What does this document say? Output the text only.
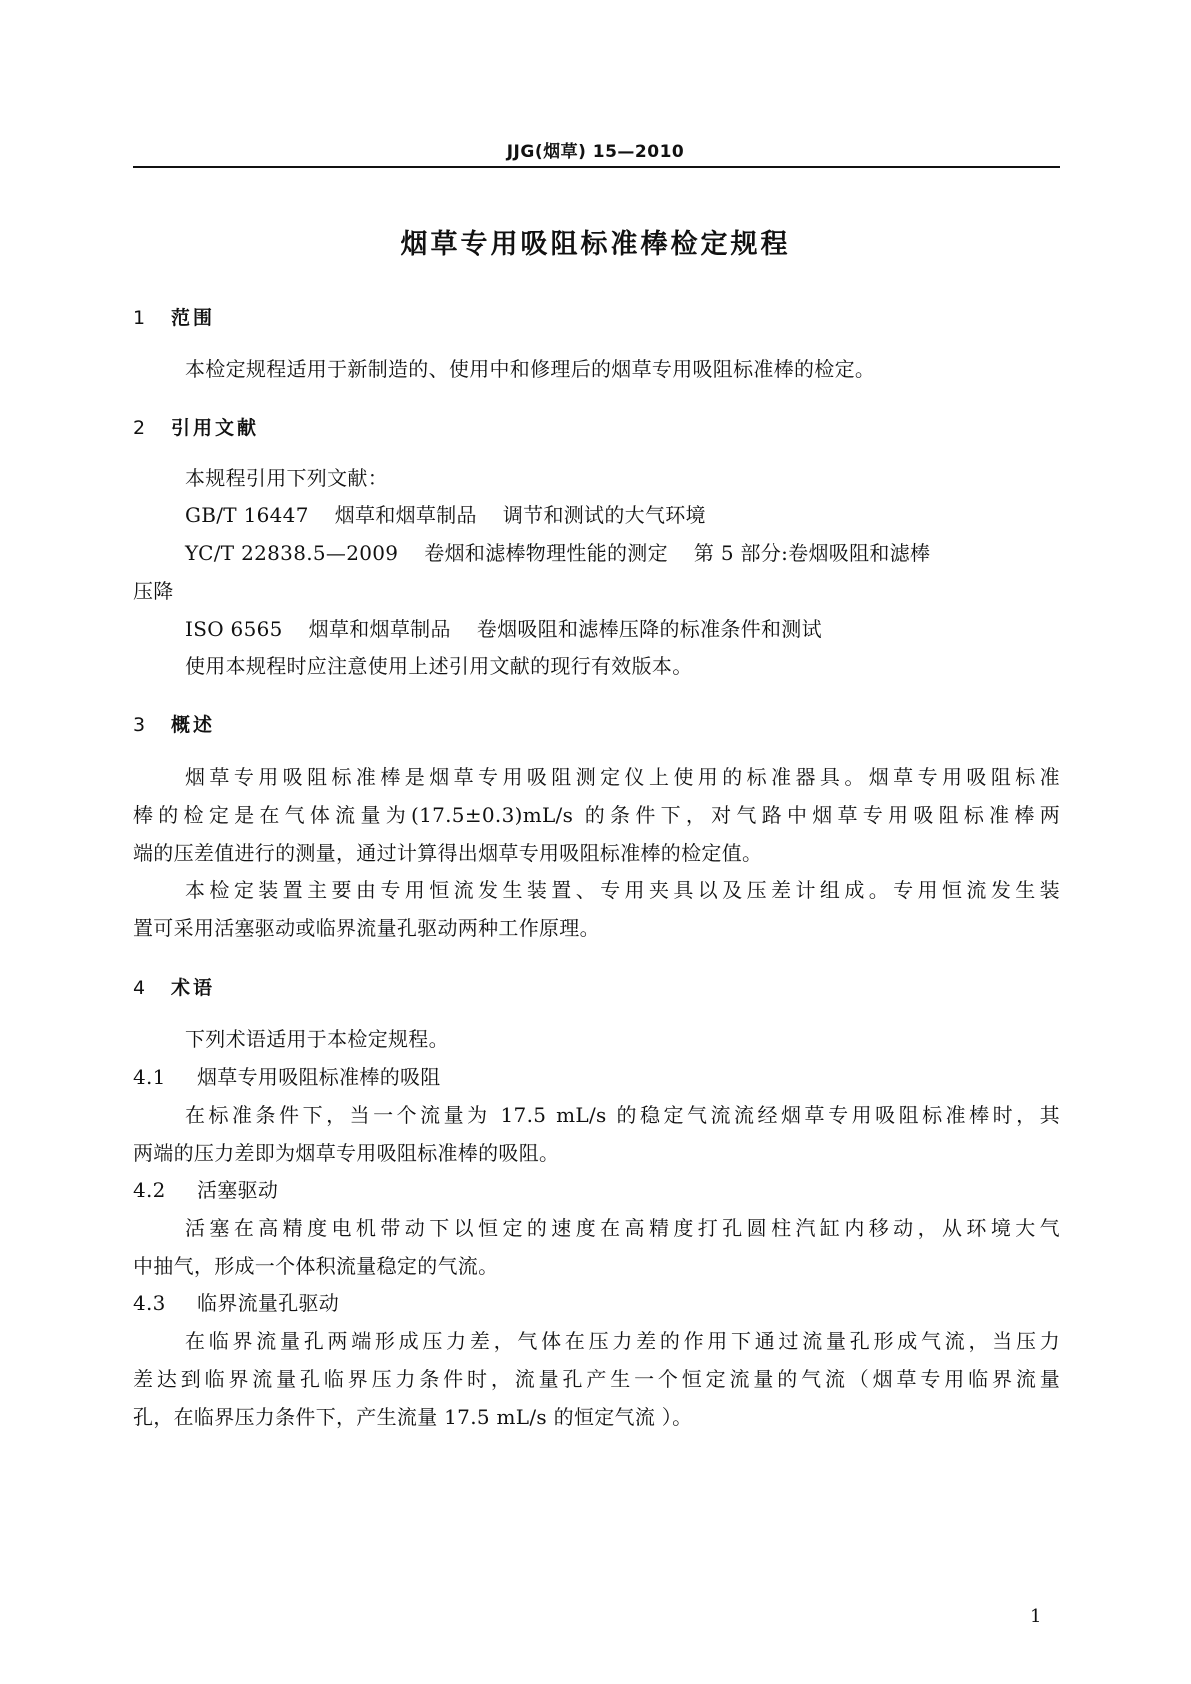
JJG(烟草) 15—2010
烟草专用吸阻标准棒检定规程
1 范围
本检定规程适用于新制造的、使用中和修理后的烟草专用吸阻标准棒的检定。
2 引用文献
本规程引用下列文献：
GB/T 16447 烟草和烟草制品 调节和测试的大气环境
YC/T 22838.5—2009 卷烟和滤棒物理性能的测定 第 5 部分:卷烟吸阻和滤棒
压降
ISO 6565 烟草和烟草制品 卷烟吸阻和滤棒压降的标准条件和测试
使用本规程时应注意使用上述引用文献的现行有效版本。
3 概述
烟草专用吸阻标准棒是烟草专用吸阻测定仪上使用的标准器具。烟草专用吸阻标准
棒的检定是在气体流量为(17.5±0.3)mL/s 的条件下，对气路中烟草专用吸阻标准棒两
端的压差值进行的测量，通过计算得出烟草专用吸阻标准棒的检定值。
本检定装置主要由专用恒流发生装置、专用夹具以及压差计组成。专用恒流发生装
置可采用活塞驱动或临界流量孔驱动两种工作原理。
4 术语
下列术语适用于本检定规程。
4.1 烟草专用吸阻标准棒的吸阻
在标准条件下，当一个流量为 17.5 mL/s 的稳定气流流经烟草专用吸阻标准棒时，其
两端的压力差即为烟草专用吸阻标准棒的吸阻。
4.2 活塞驱动
活塞在高精度电机带动下以恒定的速度在高精度打孔圆柱汽缸内移动，从环境大气
中抽气，形成一个体积流量稳定的气流。
4.3 临界流量孔驱动
在临界流量孔两端形成压力差，气体在压力差的作用下通过流量孔形成气流，当压力
差达到临界流量孔临界压力条件时，流量孔产生一个恒定流量的气流（烟草专用临界流量
孔，在临界压力条件下，产生流量 17.5 mL/s 的恒定气流 ）。
1
